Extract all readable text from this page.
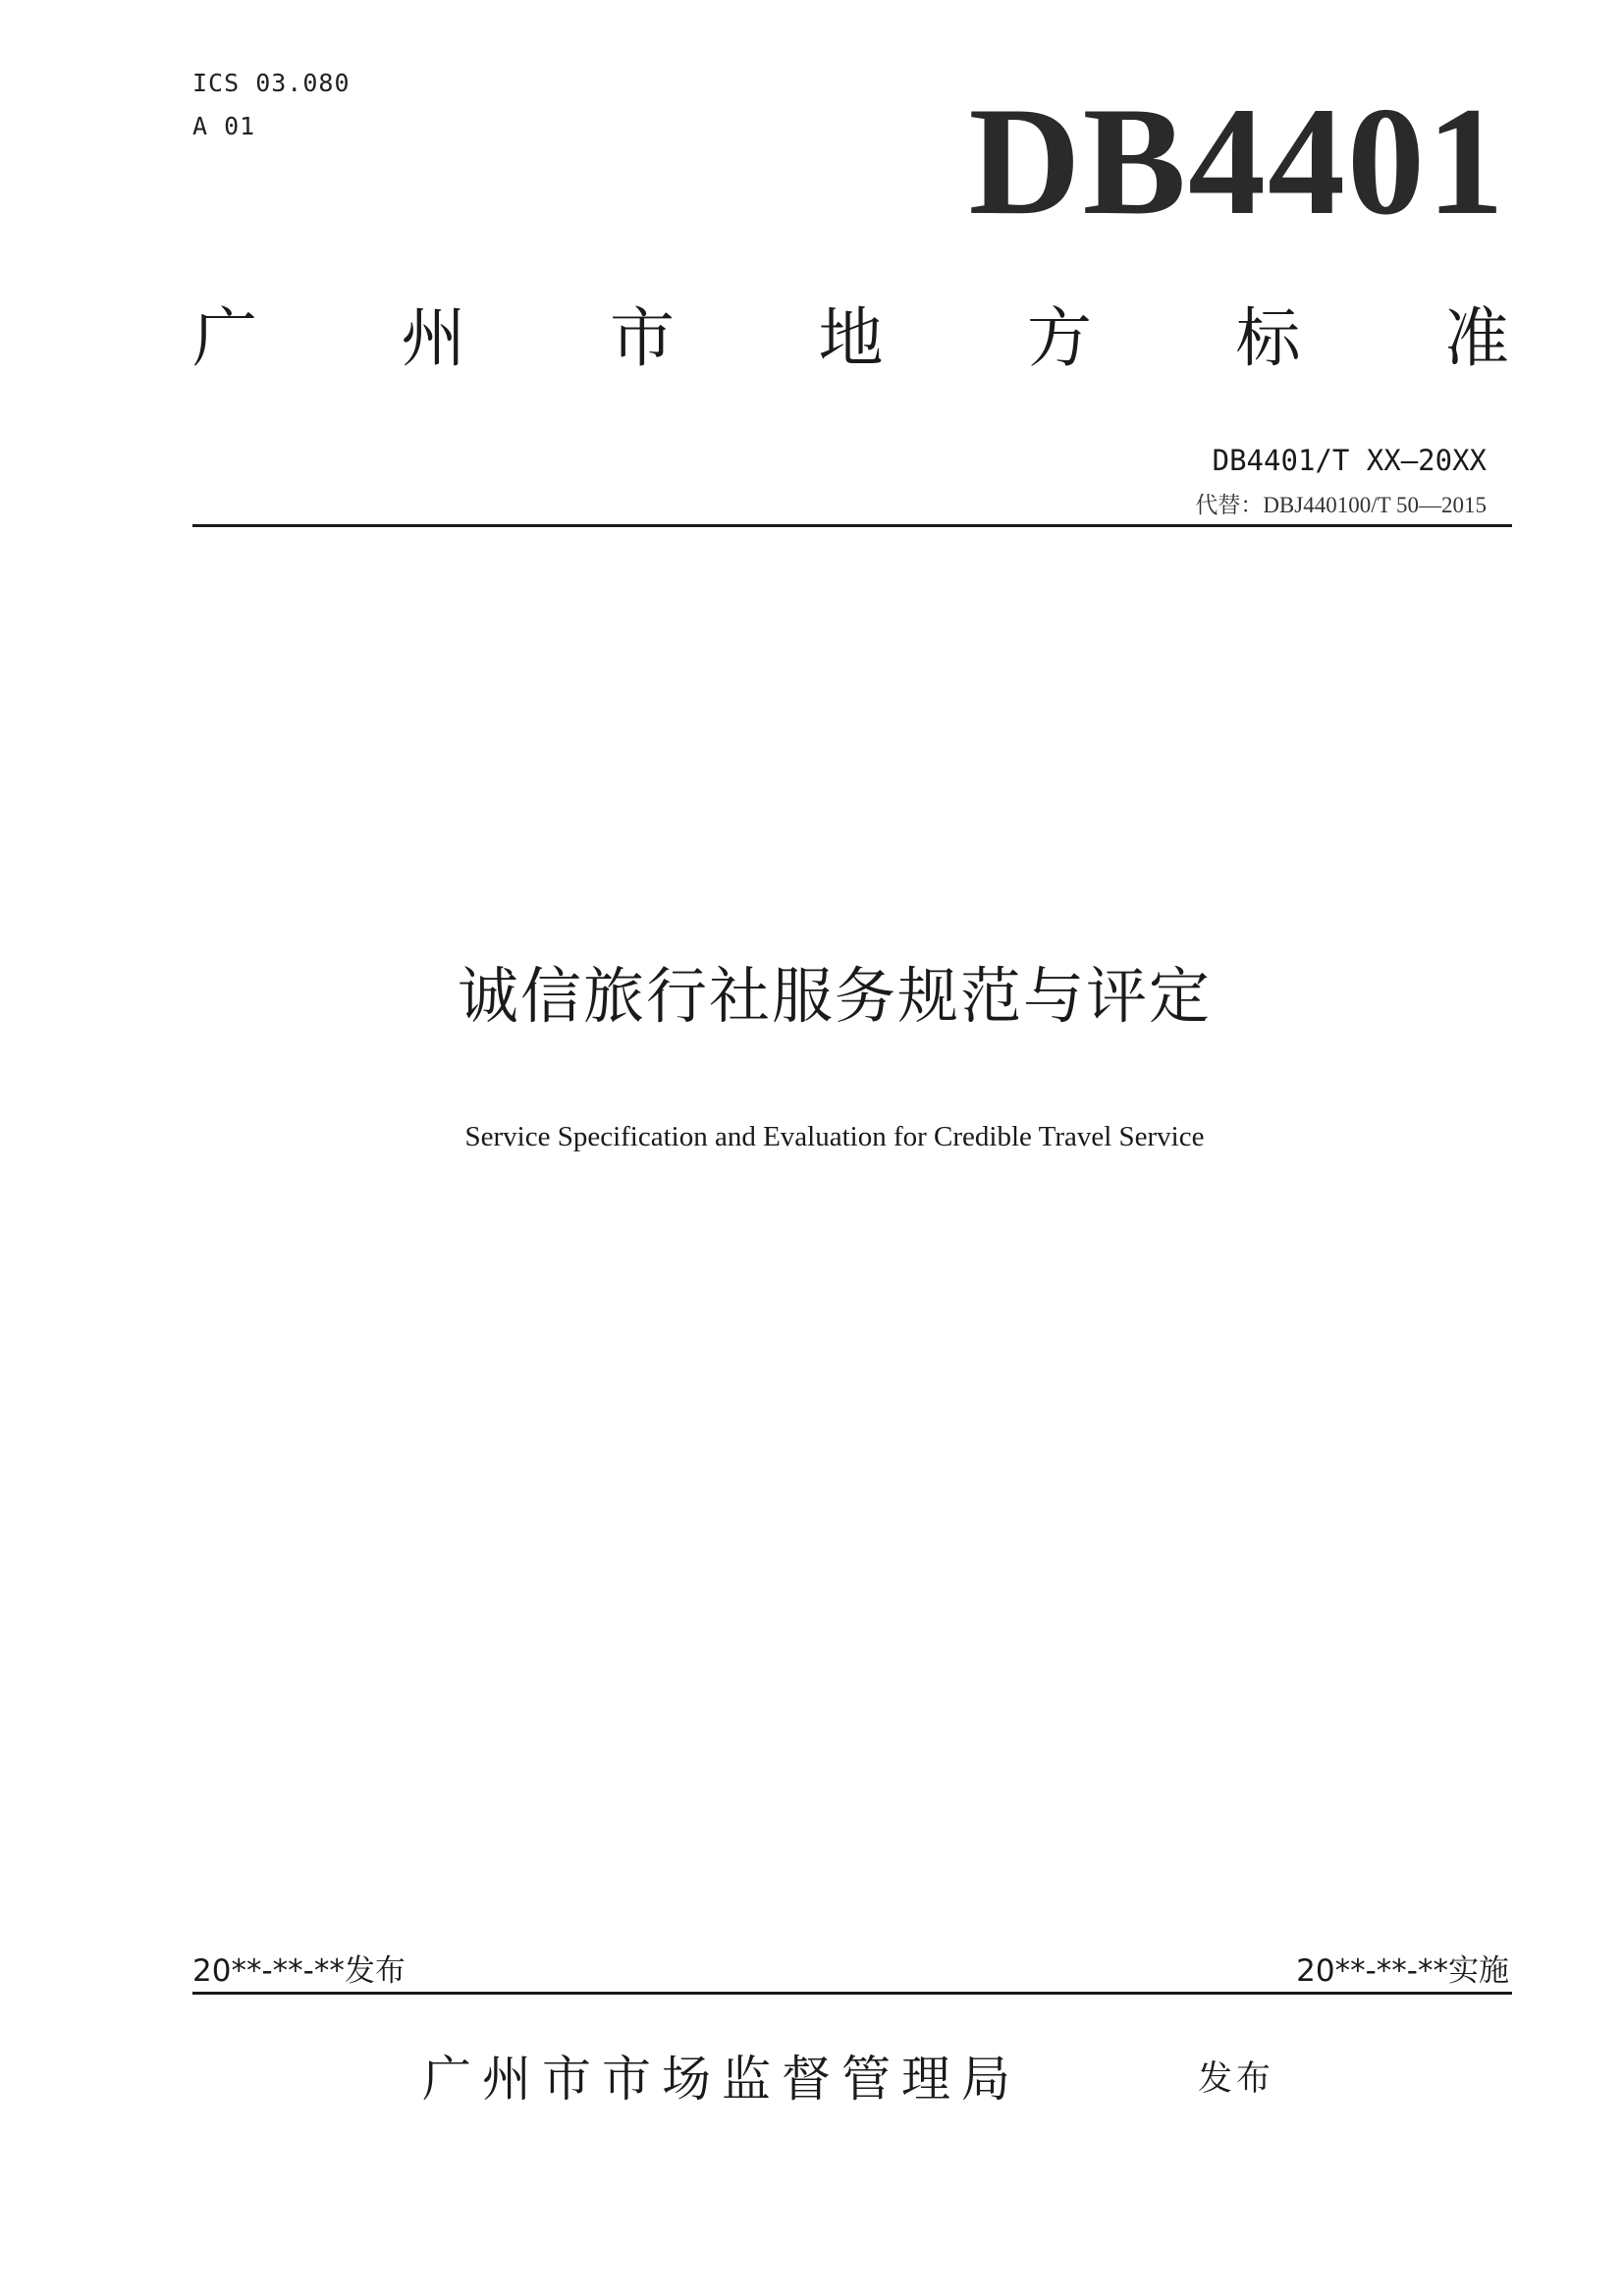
ICS 03.080
A 01	DB4401
广 州 市 地 方 标 准
DB4401/T XX—20XX
代替：DBJ440100/T 50—2015
诚信旅行社服务规范与评定
Service Specification and Evaluation for Credible Travel Service
20**-**-**发布	20**-**-**实施
广州市市场监督管理局	发布
